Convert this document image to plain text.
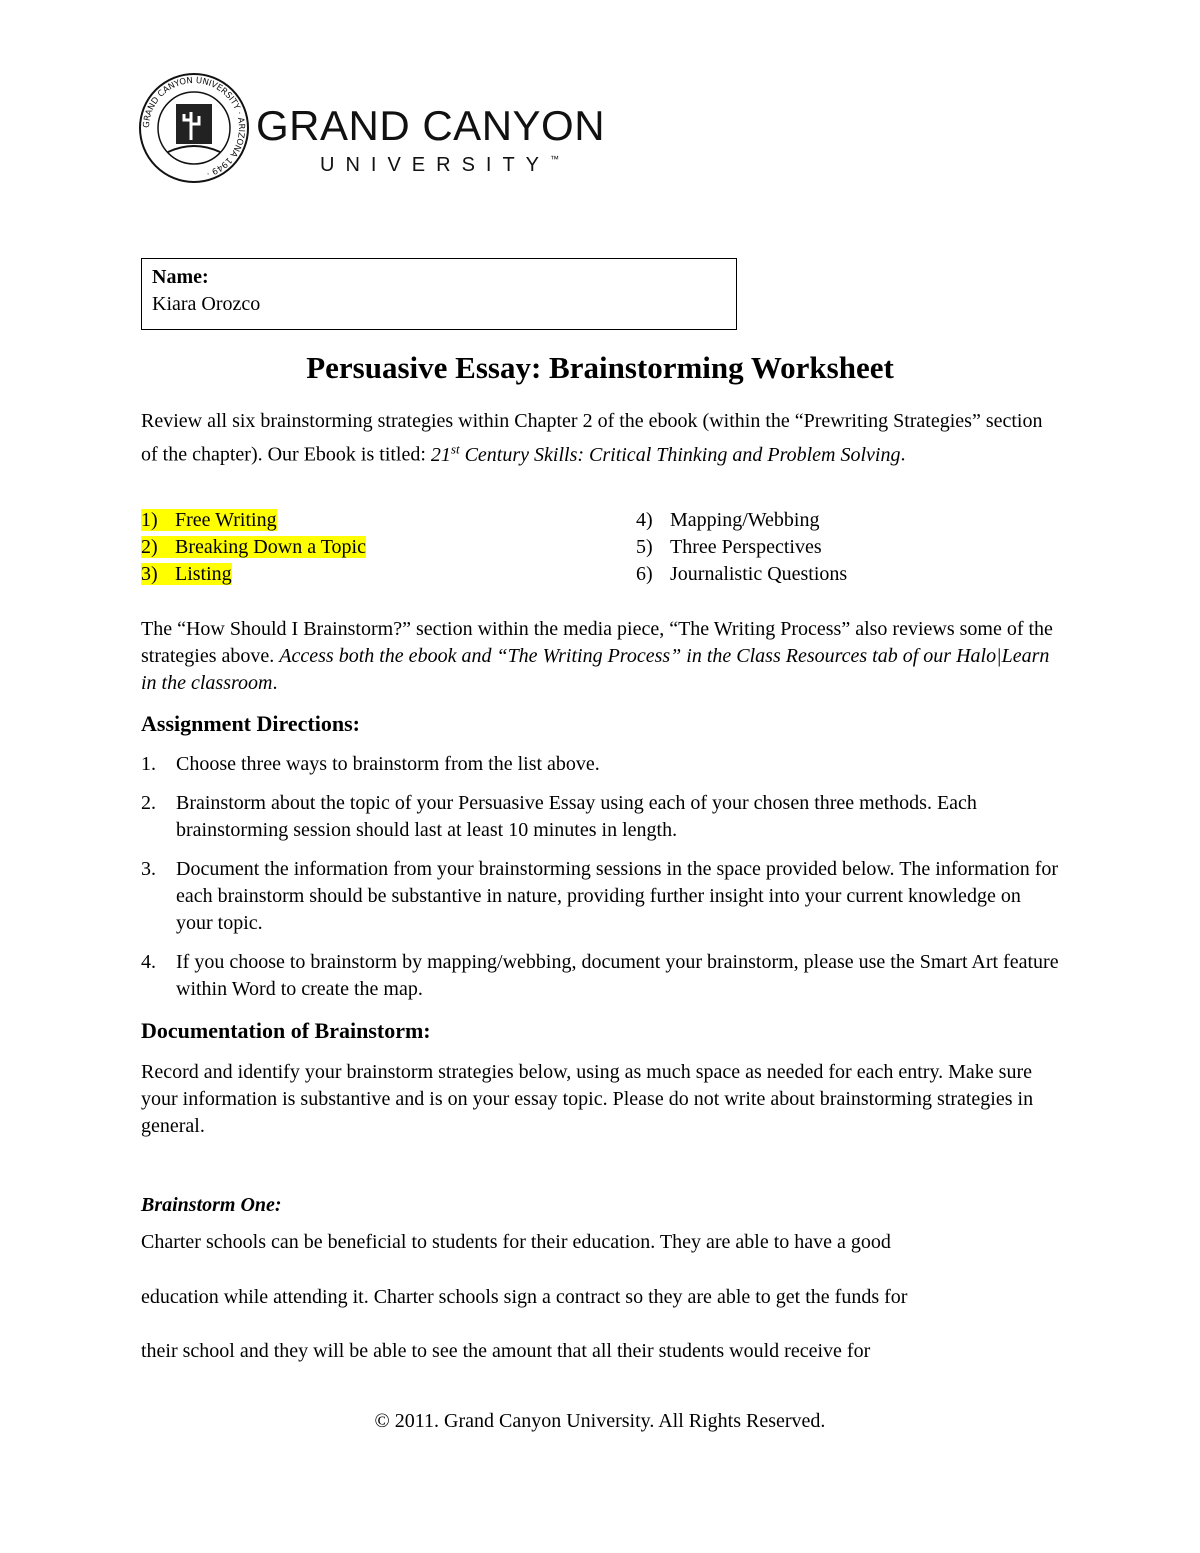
GRAND CANYON UNIVERSITY · ARIZONA 1949 ·
GRAND CANYON
UNIVERSITY™
Name:
Kiara Orozco
Persuasive Essay: Brainstorming Worksheet
Review all six brainstorming strategies within Chapter 2 of the ebook (within the “Prewriting Strategies” section of the chapter). Our Ebook is titled: 21st Century Skills: Critical Thinking and Problem Solving.
1) Free Writing
2) Breaking Down a Topic
3) Listing
4) Mapping/Webbing
5) Three Perspectives
6) Journalistic Questions
The “How Should I Brainstorm?” section within the media piece, “The Writing Process” also reviews some of the strategies above. Access both the ebook and “The Writing Process” in the Class Resources tab of our Halo|Learn in the classroom.
Assignment Directions:
1. Choose three ways to brainstorm from the list above.
2. Brainstorm about the topic of your Persuasive Essay using each of your chosen three methods. Each brainstorming session should last at least 10 minutes in length.
3. Document the information from your brainstorming sessions in the space provided below. The information for each brainstorm should be substantive in nature, providing further insight into your current knowledge on your topic.
4. If you choose to brainstorm by mapping/webbing, document your brainstorm, please use the Smart Art feature within Word to create the map.
Documentation of Brainstorm:
Record and identify your brainstorm strategies below, using as much space as needed for each entry. Make sure your information is substantive and is on your essay topic. Please do not write about brainstorming strategies in general.
Brainstorm One:
Charter schools can be beneficial to students for their education. They are able to have a good
education while attending it. Charter schools sign a contract so they are able to get the funds for
their school and they will be able to see the amount that all their students would receive for
© 2011. Grand Canyon University. All Rights Reserved.
